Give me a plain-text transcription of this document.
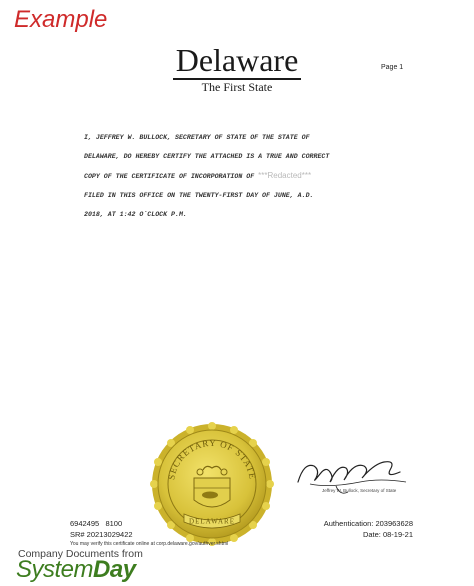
Example
Delaware
The First State
Page 1
I, JEFFREY W. BULLOCK, SECRETARY OF STATE OF THE STATE OF
DELAWARE, DO HEREBY CERTIFY THE ATTACHED IS A TRUE AND CORRECT
COPY OF THE CERTIFICATE OF INCORPORATION OF ***Redacted***
FILED IN THIS OFFICE ON THE TWENTY-FIRST DAY OF JUNE, A.D.
2018, AT 1:42 O`CLOCK P.M.
SECRETARY OF STATE
DELAWARE
Jeffrey W. Bullock, Secretary of State
6942495   8100
SR# 20213029422
Authentication: 203963628
Date: 08-19-21
You may verify this certificate online at corp.delaware.gov/authver.shtml
Company Documents from
SystemDay
